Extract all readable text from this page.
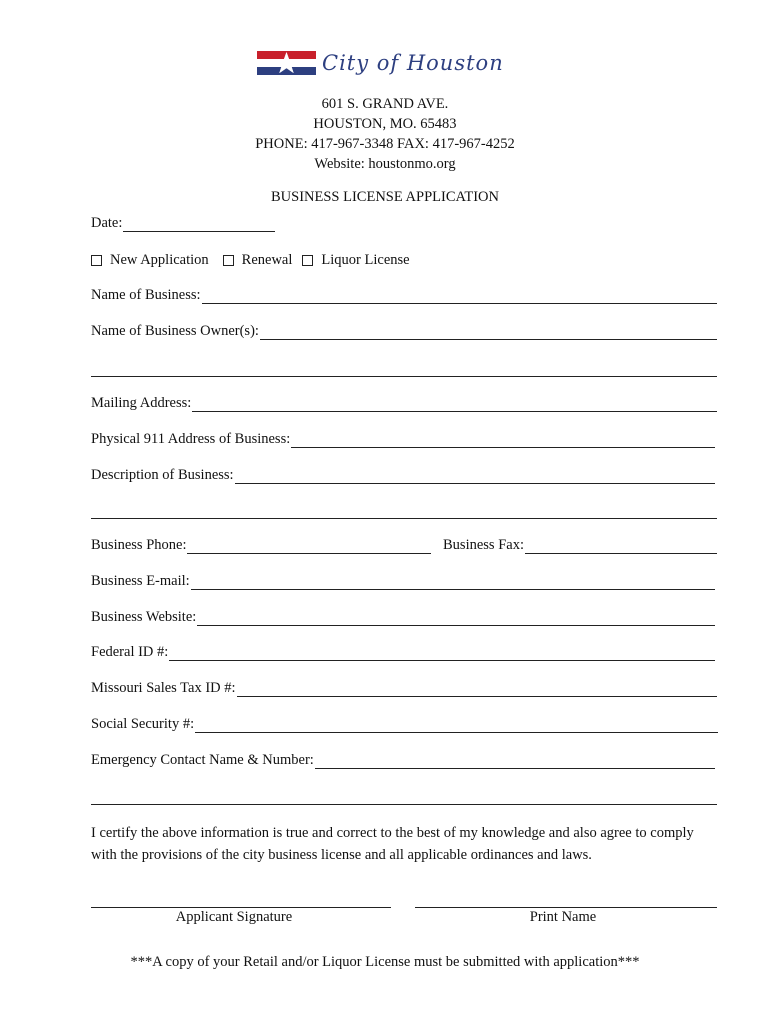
City of Houston
601 S. GRAND AVE.
HOUSTON, MO. 65483
PHONE: 417-967-3348 FAX: 417-967-4252
Website: houstonmo.org
BUSINESS LICENSE APPLICATION
Date:
New Application Renewal Liquor License
Name of Business:
Name of Business Owner(s):
Mailing Address:
Physical 911 Address of Business:
Description of Business:
Business Phone:	Business Fax:
Business E-mail:
Business Website:
Federal ID #:
Missouri Sales Tax ID #:
Social Security #:
Emergency Contact Name & Number:
I certify the above information is true and correct to the best of my knowledge and also agree to comply
with the provisions of the city business license and all applicable ordinances and laws.
Applicant Signature	Print Name
***A copy of your Retail and/or Liquor License must be submitted with application***
